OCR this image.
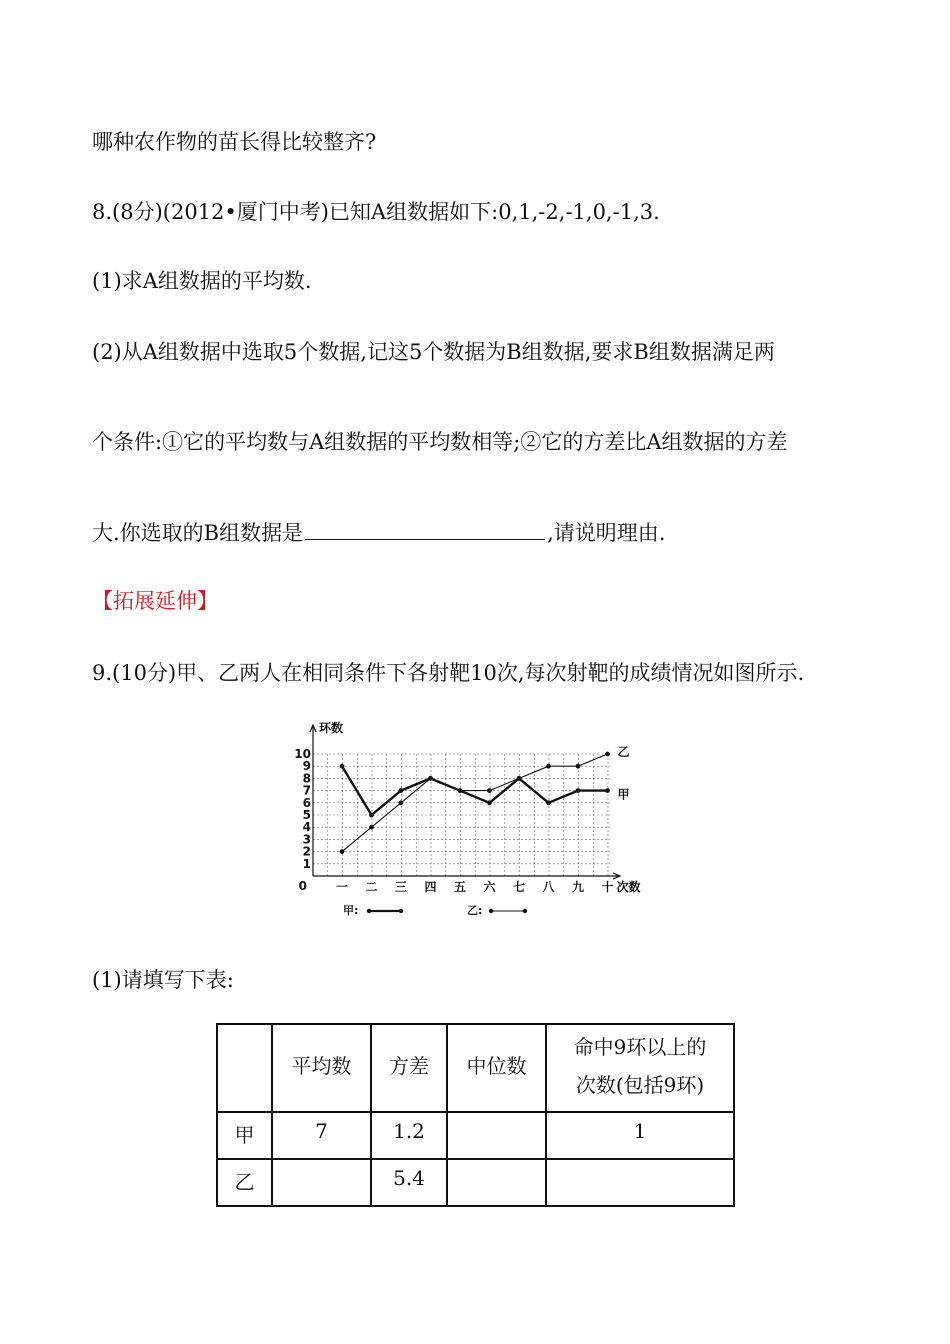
哪种农作物的苗长得比较整齐?
8.(8分)(2012•厦门中考)已知A组数据如下:0,1,-2,-1,0,-1,3.
(1)求A组数据的平均数.
(2)从A组数据中选取5个数据,记这5个数据为B组数据,要求B组数据满足两
个条件:①它的平均数与A组数据的平均数相等;②它的方差比A组数据的方差
大.你选取的B组数据是	,请说明理由.
【拓展延伸】
9.(10分)甲、乙两人在相同条件下各射靶10次,每次射靶的成绩情况如图所示.
环数
0
1
2
3
4
5
6
7
8
9
10
一 二 三 四 五 六 七 八 九 十 次数
甲
乙
甲:	乙:
(1)请填写下表:
	平均数	方差	中位数	命中9环以上的
次数(包括9环)

甲	7	1.2		1
乙		5.4		
